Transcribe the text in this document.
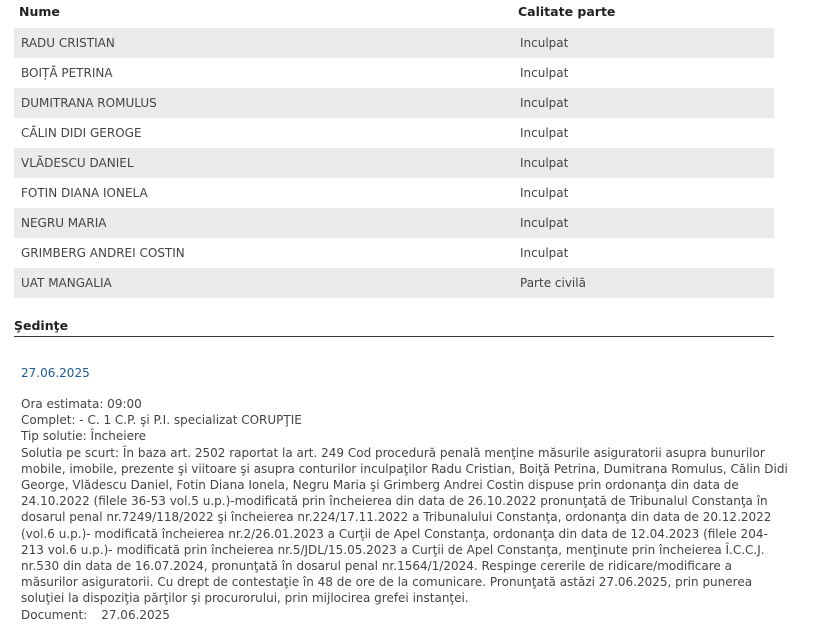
Nume	Calitate parte
RADU CRISTIAN	Inculpat
BOIȚĂ PETRINA	Inculpat
DUMITRANA ROMULUS	Inculpat
CĂLIN DIDI GEROGE	Inculpat
VLĂDESCU DANIEL	Inculpat
FOTIN DIANA IONELA	Inculpat
NEGRU MARIA	Inculpat
GRIMBERG ANDREI COSTIN	Inculpat
UAT MANGALIA	Parte civilă
Şedinţe
27.06.2025
Ora estimata: 09:00
Complet: - C. 1 C.P. şi P.I. specializat CORUPŢIE
Tip solutie: Încheiere
Solutia pe scurt: În baza art. 2502 raportat la art. 249 Cod procedură penală menţine măsurile asiguratorii asupra bunurilor
mobile, imobile, prezente şi viitoare şi asupra conturilor inculpaţilor Radu Cristian, Boiţă Petrina, Dumitrana Romulus, Călin Didi
George, Vlădescu Daniel, Fotin Diana Ionela, Negru Maria şi Grimberg Andrei Costin dispuse prin ordonanţa din data de
24.10.2022 (filele 36-53 vol.5 u.p.)-modificată prin încheierea din data de 26.10.2022 pronunţată de Tribunalul Constanţa în
dosarul penal nr.7249/118/2022 şi încheierea nr.224/17.11.2022 a Tribunalului Constanţa, ordonanţa din data de 20.12.2022
(vol.6 u.p.)- modificată încheierea nr.2/26.01.2023 a Curţii de Apel Constanţa, ordonanţa din data de 12.04.2023 (filele 204-
213 vol.6 u.p.)- modificată prin încheierea nr.5/JDL/15.05.2023 a Curţii de Apel Constanţa, menţinute prin încheierea Î.C.C.J.
nr.530 din data de 16.07.2024, pronunţată în dosarul penal nr.1564/1/2024. Respinge cererile de ridicare/modificare a
măsurilor asiguratorii. Cu drept de contestaţie în 48 de ore de la comunicare. Pronunţată astăzi 27.06.2025, prin punerea
soluţiei la dispoziţia părţilor şi procurorului, prin mijlocirea grefei instanţei.
Document: 27.06.2025
